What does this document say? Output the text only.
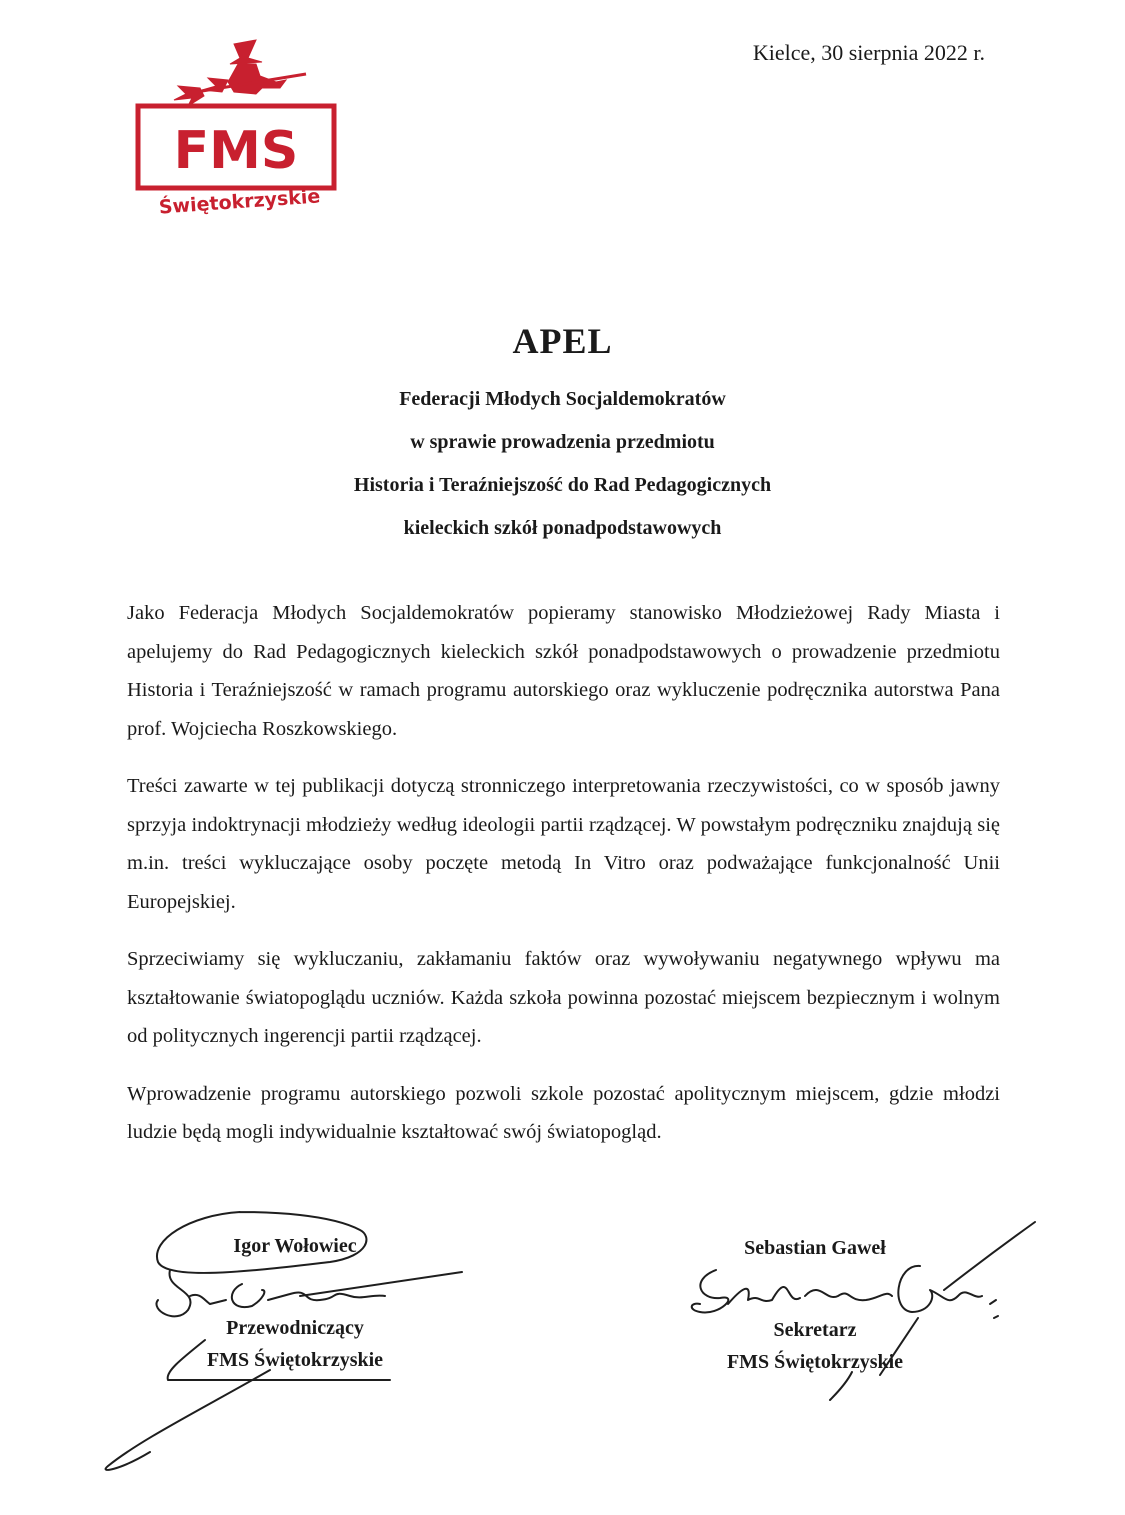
FMS
Świętokrzyskie
Kielce, 30 sierpnia 2022 r.
APEL
Federacji Młodych Socjaldemokratów
w sprawie prowadzenia przedmiotu
Historia i Teraźniejszość do Rad Pedagogicznych
kieleckich szkół ponadpodstawowych

Jako Federacja Młodych Socjaldemokratów popieramy stanowisko Młodzieżowej Rady Miasta i apelujemy do Rad Pedagogicznych kieleckich szkół ponadpodstawowych o prowadzenie przedmiotu Historia i Teraźniejszość w ramach programu autorskiego oraz wykluczenie podręcznika autorstwa Pana prof. Wojciecha Roszkowskiego.

Treści zawarte w tej publikacji dotyczą stronniczego interpretowania rzeczywistości, co w sposób jawny sprzyja indoktrynacji młodzieży według ideologii partii rządzącej. W powstałym podręczniku znajdują się m.in. treści wykluczające osoby poczęte metodą In Vitro oraz podważające funkcjonalność Unii Europejskiej.

Sprzeciwiamy się wykluczaniu, zakłamaniu faktów oraz wywoływaniu negatywnego wpływu ma kształtowanie światopoglądu uczniów. Każda szkoła powinna pozostać miejscem bezpiecznym i wolnym od politycznych ingerencji partii rządzącej.

Wprowadzenie programu autorskiego pozwoli szkole pozostać apolitycznym miejscem, gdzie młodzi ludzie będą mogli indywidualnie kształtować swój światopogląd.

Igor Wołowiec
Przewodniczący
FMS Świętokrzyskie
Sebastian Gaweł
Sekretarz
FMS Świętokrzyskie
